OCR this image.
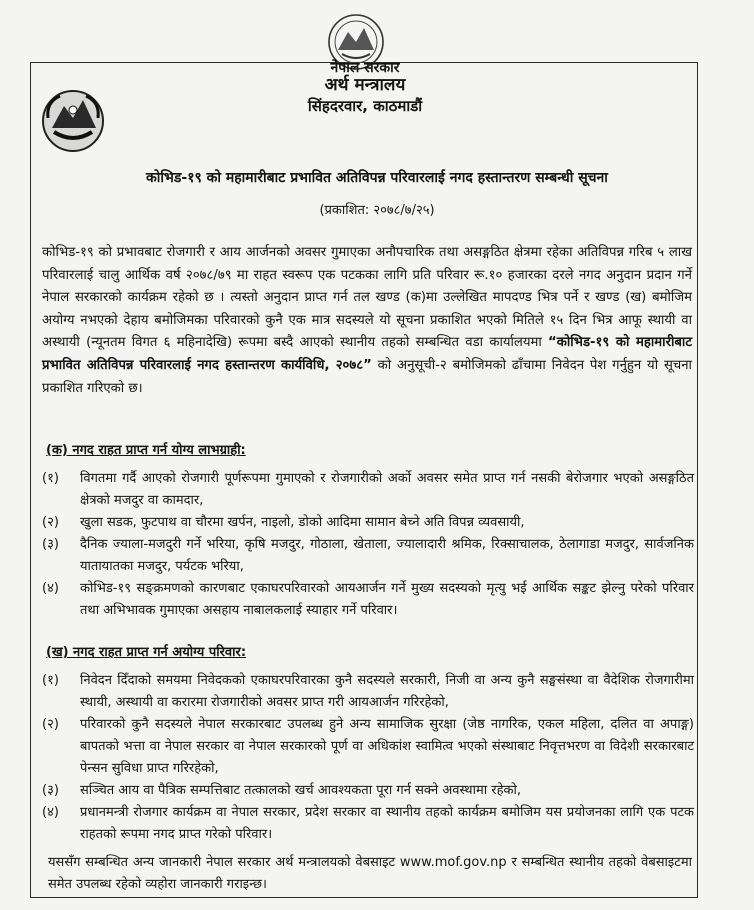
नेपाल सरकार
अर्थ मन्त्रालय
सिंहदरवार, काठमाडौं
कोभिड-१९ को महामारीबाट प्रभावित अतिविपन्न परिवारलाई नगद हस्तान्तरण सम्बन्धी सूचना
(प्रकाशित: २०७८/७/२५)
कोभिड-१९ को प्रभावबाट रोजगारी र आय आर्जनको अवसर गुमाएका अनौपचारिक तथा असङ्गठित क्षेत्रमा रहेका अतिविपन्न गरिब ५ लाख परिवारलाई चालु आर्थिक वर्ष २०७८/७९ मा राहत स्वरूप एक पटकका लागि प्रति परिवार रू.१० हजारका दरले नगद अनुदान प्रदान गर्ने नेपाल सरकारको कार्यक्रम रहेको छ । त्यस्तो अनुदान प्राप्त गर्न तल खण्ड (क)मा उल्लेखित मापदण्ड भित्र पर्ने र खण्ड (ख) बमोजिम अयोग्य नभएको देहाय बमोजिमका परिवारको कुनै एक मात्र सदस्यले यो सूचना प्रकाशित भएको मितिले १५ दिन भित्र आफू स्थायी वा अस्थायी (न्यूनतम विगत ६ महिनादेखि) रूपमा बस्दै आएको स्थानीय तहको सम्बन्धित वडा कार्यालयमा “कोभिड-१९ को महामारीबाट प्रभावित अतिविपन्न परिवारलाई नगद हस्तान्तरण कार्यविधि, २०७८” को अनुसूची-२ बमोजिमको ढाँचामा निवेदन पेश गर्नुहुन यो सूचना प्रकाशित गरिएको छ।
(क) नगद राहत प्राप्त गर्न योग्य लाभग्राही:
(१)	विगतमा गर्दै आएको रोजगारी पूर्णरूपमा गुमाएको र रोजगारीको अर्को अवसर समेत प्राप्त गर्न नसकी बेरोजगार भएको असङ्गठित क्षेत्रको मजदुर वा कामदार,
(२)	खुला सडक, फुटपाथ वा चौरमा खर्पन, नाइलो, डोको आदिमा सामान बेच्ने अति विपन्न व्यवसायी,
(३)	दैनिक ज्याला-मजदुरी गर्ने भरिया, कृषि मजदुर, गोठाला, खेताला, ज्यालादारी श्रमिक, रिक्साचालक, ठेलागाडा मजदुर, सार्वजनिक यातायातका मजदुर, पर्यटक भरिया,
(४)	कोभिड-१९ सङ्क्रमणको कारणबाट एकाघरपरिवारको आयआर्जन गर्ने मुख्य सदस्यको मृत्यु भई आर्थिक सङ्कट झेल्नु परेको परिवार तथा अभिभावक गुमाएका असहाय नाबालकलाई स्याहार गर्ने परिवार।
(ख) नगद राहत प्राप्त गर्न अयोग्य परिवार:
(१)	निवेदन दिँदाको समयमा निवेदकको एकाघरपरिवारका कुनै सदस्यले सरकारी, निजी वा अन्य कुनै सङ्घसंस्था वा वैदेशिक रोजगारीमा स्थायी, अस्थायी वा करारमा रोजगारीको अवसर प्राप्त गरी आयआर्जन गरिरहेको,
(२)	परिवारको कुनै सदस्यले नेपाल सरकारबाट उपलब्ध हुने अन्य सामाजिक सुरक्षा (जेष्ठ नागरिक, एकल महिला, दलित वा अपाङ्ग) बापतको भत्ता वा नेपाल सरकार वा नेपाल सरकारको पूर्ण वा अधिकांश स्वामित्व भएको संस्थाबाट निवृत्तभरण वा विदेशी सरकारबाट पेन्सन सुविधा प्राप्त गरिरहेको,
(३)	सञ्चित आय वा पैत्रिक सम्पत्तिबाट तत्कालको खर्च आवश्यकता पूरा गर्न सक्ने अवस्थामा रहेको,
(४)	प्रधानमन्त्री रोजगार कार्यक्रम वा नेपाल सरकार, प्रदेश सरकार वा स्थानीय तहको कार्यक्रम बमोजिम यस प्रयोजनका लागि एक पटक राहतको रूपमा नगद प्राप्त गरेको परिवार।
यससँग सम्बन्धित अन्य जानकारी नेपाल सरकार अर्थ मन्त्रालयको वेबसाइट www.mof.gov.np र सम्बन्धित स्थानीय तहको वेबसाइटमा समेत उपलब्ध रहेको व्यहोरा जानकारी गराइन्छ।
